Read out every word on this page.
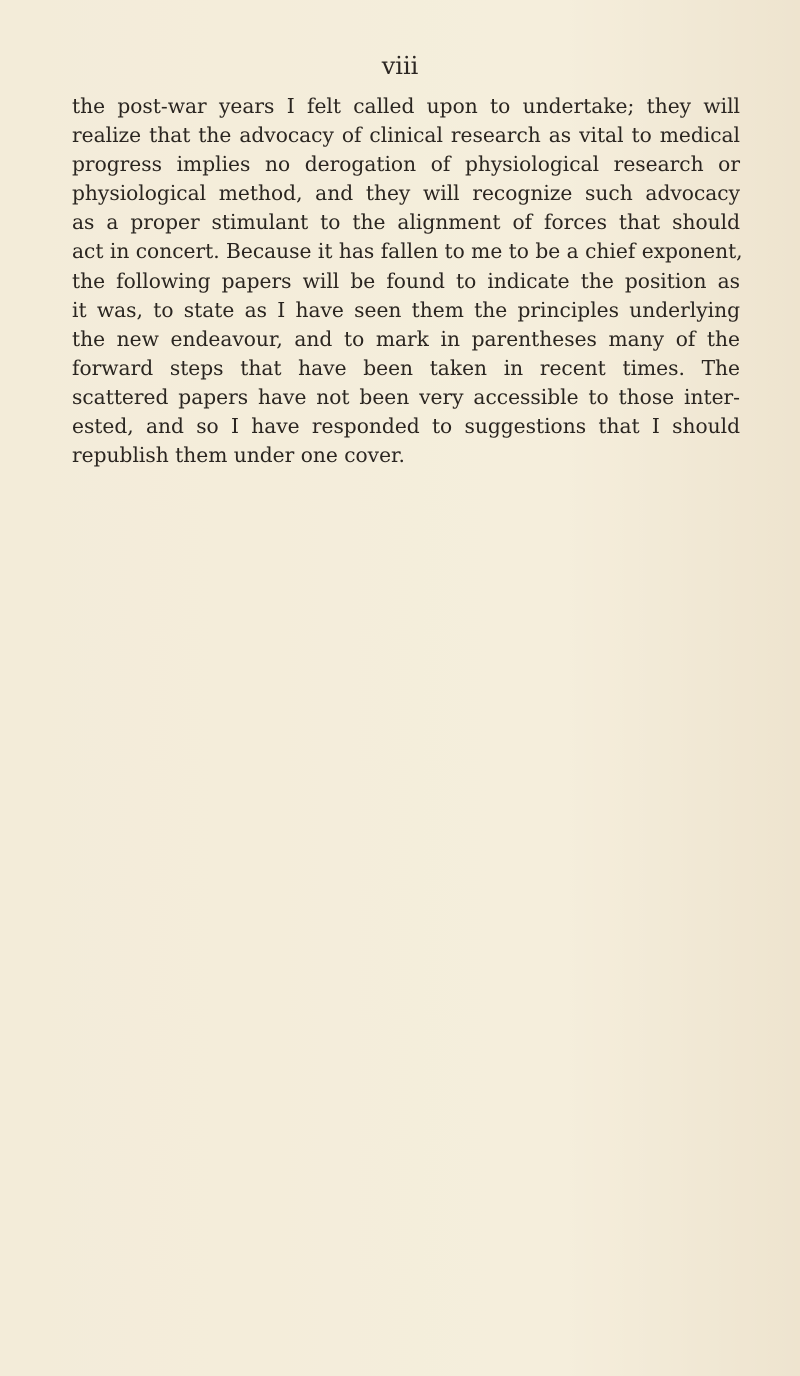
viii

the post-war years I felt called upon to undertake; they will
realize that the advocacy of clinical research as vital to medical
progress implies no derogation of physiological research or
physiological method, and they will recognize such advocacy
as a proper stimulant to the alignment of forces that should
act in concert. Because it has fallen to me to be a chief exponent,
the following papers will be found to indicate the position as
it was, to state as I have seen them the principles underlying
the new endeavour, and to mark in parentheses many of the
forward steps that have been taken in recent times. The
scattered papers have not been very accessible to those inter-
ested, and so I have responded to suggestions that I should
republish them under one cover.
